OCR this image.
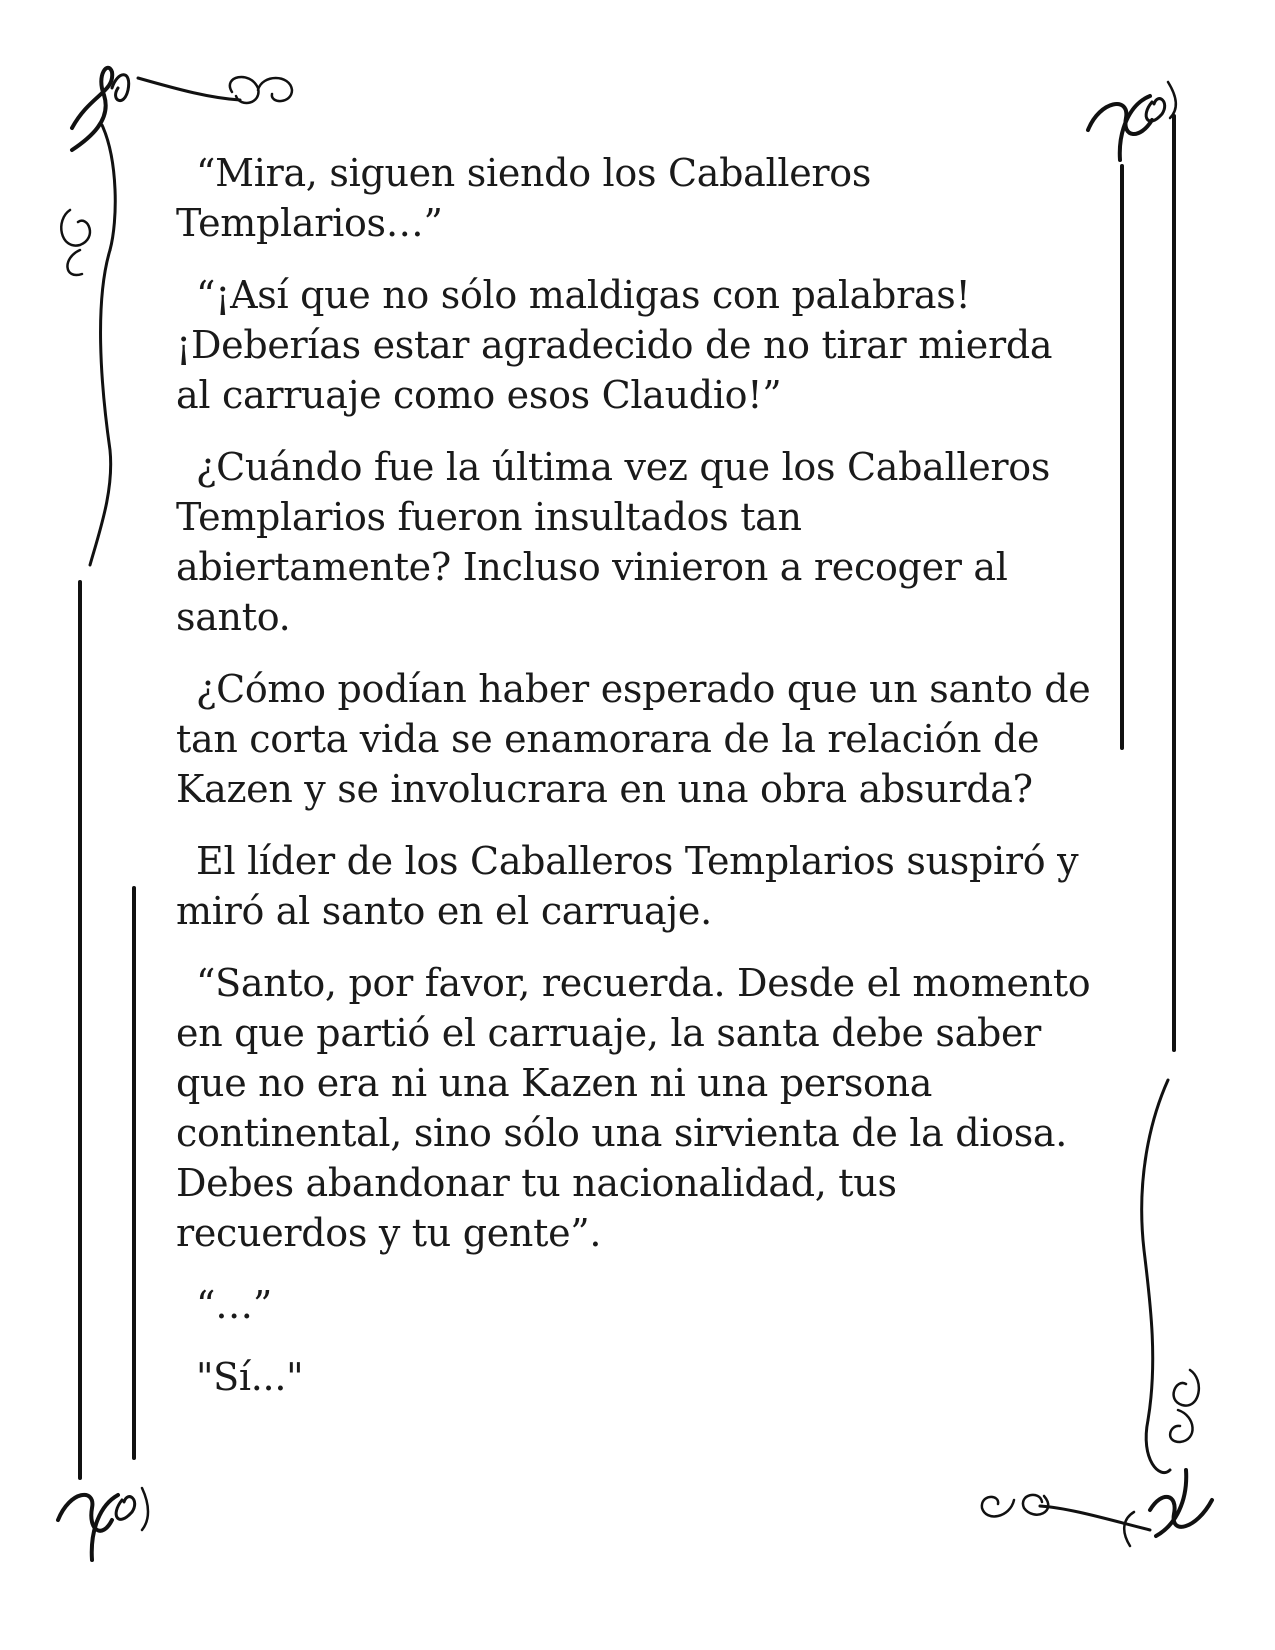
“Mira, siguen siendo los Caballeros
Templarios…”

“¡Así que no sólo maldigas con palabras!
¡Deberías estar agradecido de no tirar mierda
al carruaje como esos Claudio!”

¿Cuándo fue la última vez que los Caballeros
Templarios fueron insultados tan
abiertamente? Incluso vinieron a recoger al
santo.

¿Cómo podían haber esperado que un santo de
tan corta vida se enamorara de la relación de
Kazen y se involucrara en una obra absurda?

El líder de los Caballeros Templarios suspiró y
miró al santo en el carruaje.

“Santo, por favor, recuerda. Desde el momento
en que partió el carruaje, la santa debe saber
que no era ni una Kazen ni una persona
continental, sino sólo una sirvienta de la diosa.
Debes abandonar tu nacionalidad, tus
recuerdos y tu gente”.

“…”

"Sí..."
